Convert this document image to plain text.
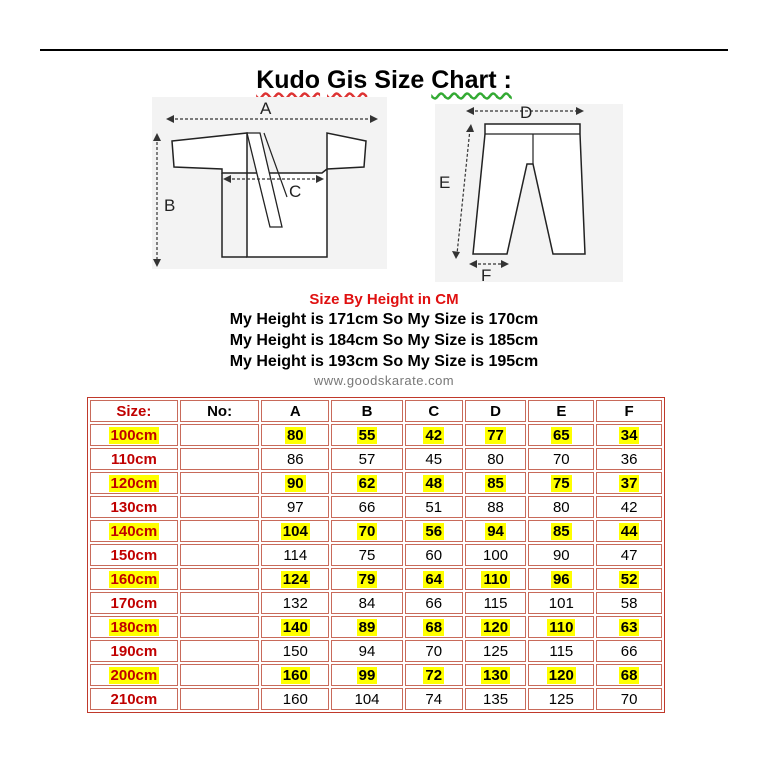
Kudo Gis Size Chart :
A
B
C
D
E
F
Size By Height in CM
My Height is 171cm So My Size is 170cm
My Height is 184cm So My Size is 185cm
My Height is 193cm So My Size is 195cm
www.goodskarate.com
Size:	No:	A	B	C	D	E	F
100cm		80	55	42	77	65	34
110cm		86	57	45	80	70	36
120cm		90	62	48	85	75	37
130cm		97	66	51	88	80	42
140cm		104	70	56	94	85	44
150cm		114	75	60	100	90	47
160cm		124	79	64	110	96	52
170cm		132	84	66	115	101	58
180cm		140	89	68	120	110	63
190cm		150	94	70	125	115	66
200cm		160	99	72	130	120	68
210cm		160	104	74	135	125	70
